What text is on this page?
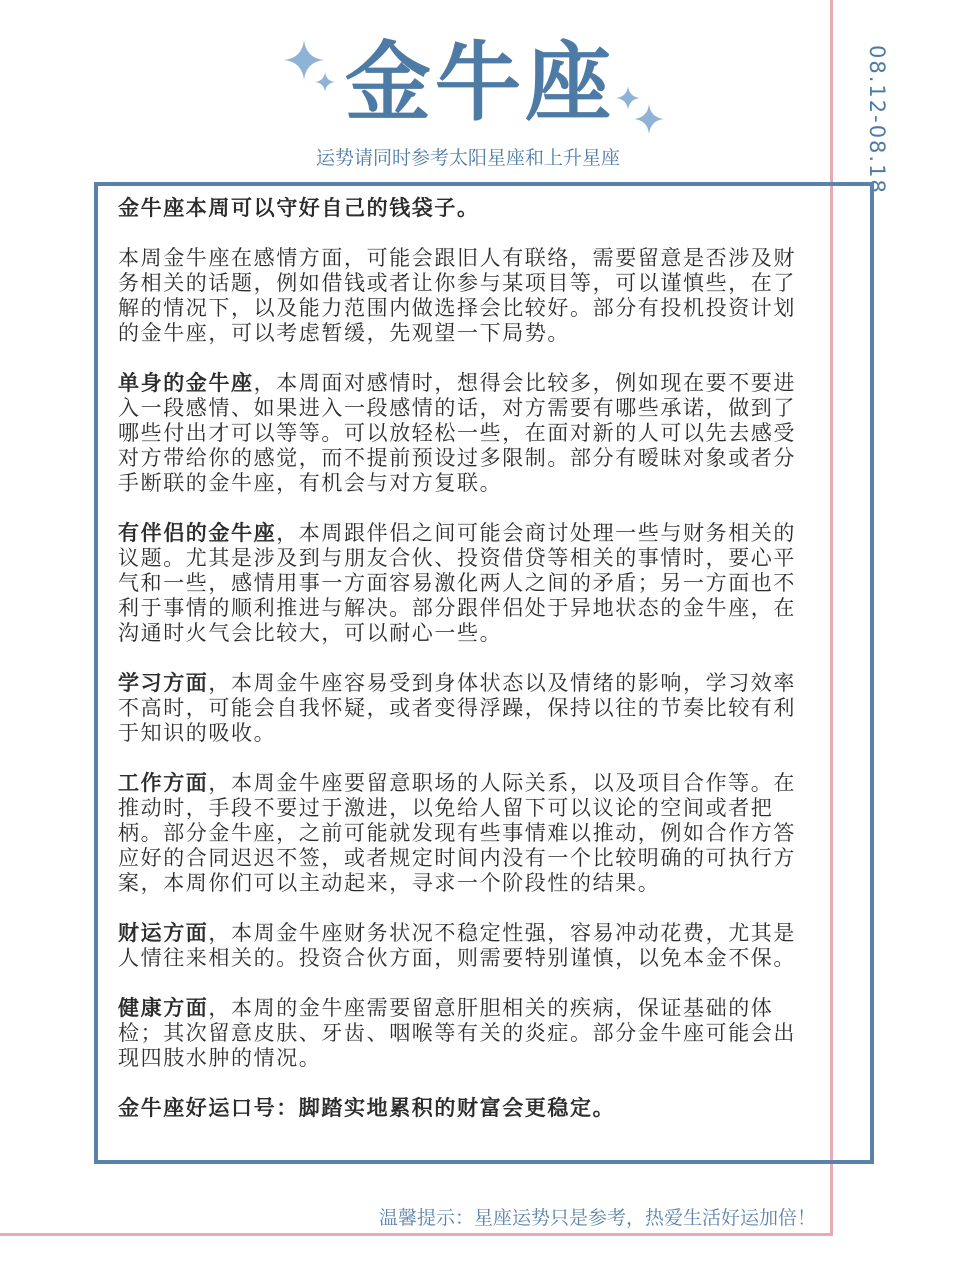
金牛座
运势请同时参考太阳星座和上升星座	08.12-08.18

金牛座本周可以守好自己的钱袋子。

本周金牛座在感情方面，可能会跟旧人有联络，需要留意是否涉及财务相关的话题，例如借钱或者让你参与某项目等，可以谨慎些，在了解的情况下，以及能力范围内做选择会比较好。部分有投机投资计划的金牛座，可以考虑暂缓，先观望一下局势。

单身的金牛座，本周面对感情时，想得会比较多，例如现在要不要进入一段感情、如果进入一段感情的话，对方需要有哪些承诺，做到了哪些付出才可以等等。可以放轻松一些，在面对新的人可以先去感受对方带给你的感觉，而不提前预设过多限制。部分有暧昧对象或者分手断联的金牛座，有机会与对方复联。

有伴侣的金牛座，本周跟伴侣之间可能会商讨处理一些与财务相关的议题。尤其是涉及到与朋友合伙、投资借贷等相关的事情时，要心平气和一些，感情用事一方面容易激化两人之间的矛盾；另一方面也不利于事情的顺利推进与解决。部分跟伴侣处于异地状态的金牛座，在沟通时火气会比较大，可以耐心一些。

学习方面，本周金牛座容易受到身体状态以及情绪的影响，学习效率不高时，可能会自我怀疑，或者变得浮躁，保持以往的节奏比较有利于知识的吸收。

工作方面，本周金牛座要留意职场的人际关系，以及项目合作等。在推动时，手段不要过于激进，以免给人留下可以议论的空间或者把柄。部分金牛座，之前可能就发现有些事情难以推动，例如合作方答应好的合同迟迟不签，或者规定时间内没有一个比较明确的可执行方案，本周你们可以主动起来，寻求一个阶段性的结果。

财运方面，本周金牛座财务状况不稳定性强，容易冲动花费，尤其是人情往来相关的。投资合伙方面，则需要特别谨慎，以免本金不保。

健康方面，本周的金牛座需要留意肝胆相关的疾病，保证基础的体检；其次留意皮肤、牙齿、咽喉等有关的炎症。部分金牛座可能会出现四肢水肿的情况。

金牛座好运口号：脚踏实地累积的财富会更稳定。

温馨提示：星座运势只是参考，热爱生活好运加倍！
